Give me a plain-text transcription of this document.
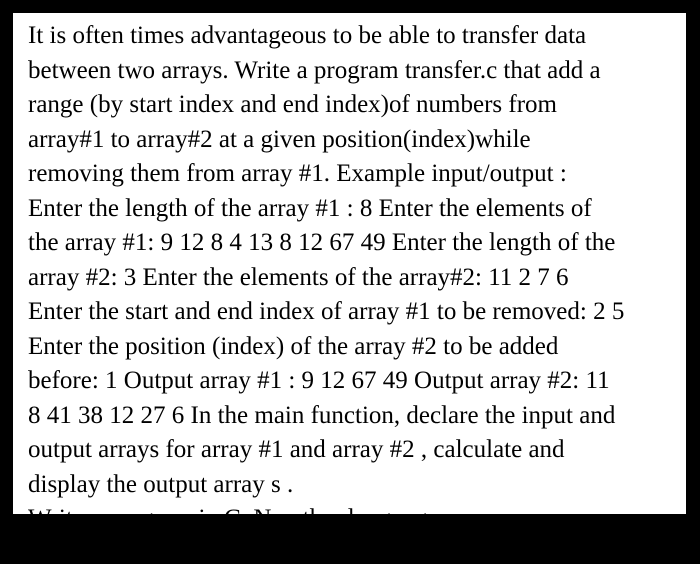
It is often times advantageous to be able to transfer data
between two arrays. Write a program transfer.c that add a
range (by start index and end index)of numbers from
array#1 to array#2 at a given position(index)while
removing them from array #1. Example input/output :
Enter the length of the array #1 : 8 Enter the elements of
the array #1: 9 12 8 4 13 8 12 67 49 Enter the length of the
array #2: 3 Enter the elements of the array#2: 11 2 7 6
Enter the start and end index of array #1 to be removed: 2 5
Enter the position (index) of the array #2 to be added
before: 1 Output array #1 : 9 12 67 49 Output array #2: 11
8 41 38 12 27 6 In the main function, declare the input and
output arrays for array #1 and array #2 , calculate and
display the output array s .
Write a program in C. No other language.
